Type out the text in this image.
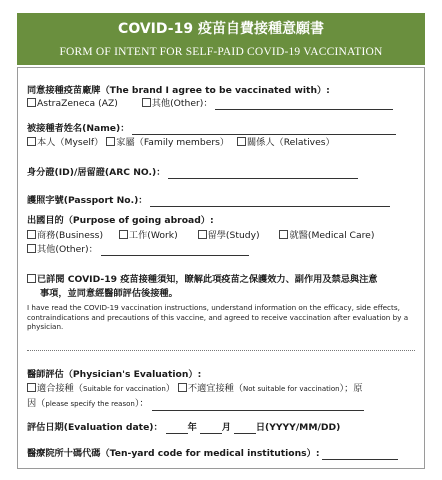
COVID-19 疫苗自費接種意願書
FORM OF INTENT FOR SELF-PAID COVID-19 VACCINATION
同意接種疫苗廠牌（The brand I agree to be vaccinated with）:
AstraZeneca (AZ)	其他(Other)：
被接種者姓名(Name)：
本人（Myself） 家屬（Family members） 關係人（Relatives）
身分證(ID)/居留證(ARC NO.)：
護照字號(Passport No.)：
出國目的（Purpose of going abroad）:
商務(Business)	工作(Work)	留學(Study)	就醫(Medical Care)
其他(Other)：
已詳閱 COVID-19 疫苗接種須知，瞭解此項疫苗之保護效力、副作用及禁忌與注意
事項，並同意經醫師評估後接種。
I have read the COVID-19 vaccination instructions, understand information on the efficacy, side effects, contraindications and precautions of this vaccine, and agreed to receive vaccination after evaluation by a physician.
醫師評估（Physician's Evaluation）:
適合接種（Suitable for vaccination） 不適宜接種（Not suitable for vaccination）；原
因（please specify the reason）：
評估日期(Evaluation date)：	年	月	日(YYYY/MM/DD)
醫療院所十碼代碼（Ten-yard code for medical institutions）:
